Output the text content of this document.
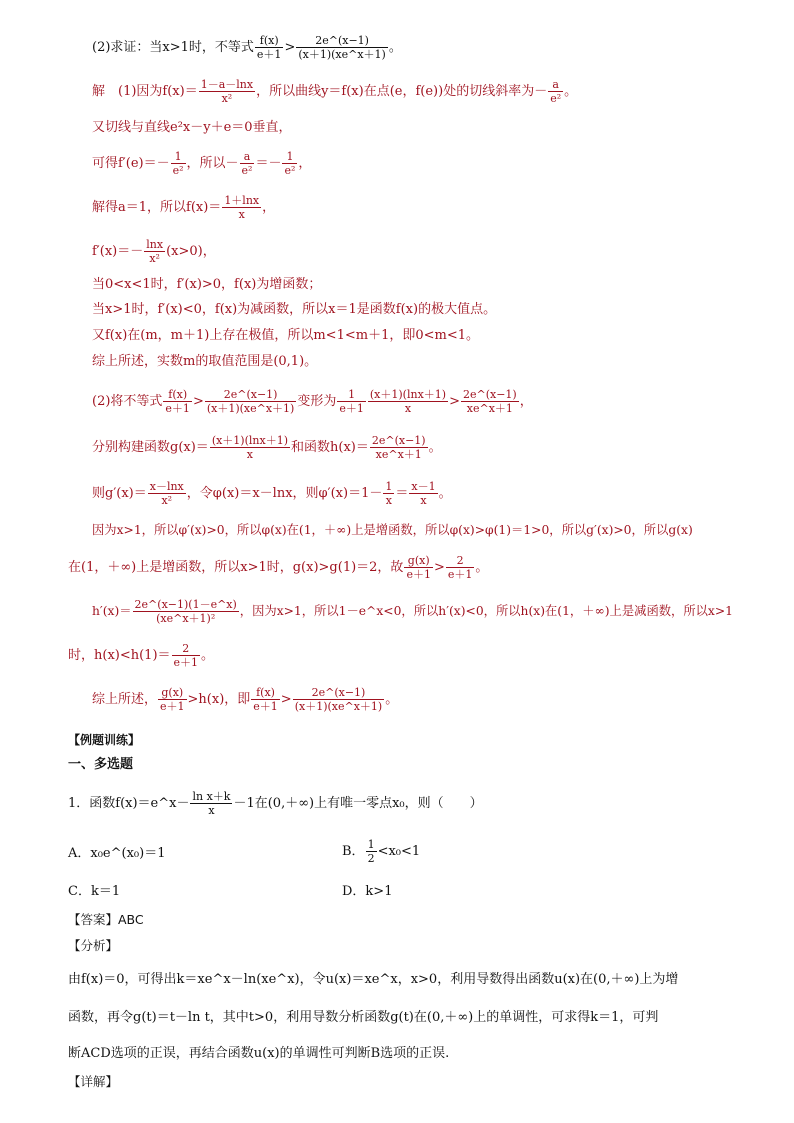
(2)求证：当x>1时，不等式 $\frac{f(x)}{e+1} > \frac{2e\^{}(x-1)}{(x+1)(xe\^{}x+1)}$ 。
解　(1)因为$f(x)= \frac{1-a-\ln x}{\text{x²}}$ ，所以曲线y＝f(x)在点(e，f(e))处的切线斜率为－ $\frac{a}{\text{e²}}$ 。
又切线与直线e²x－y＋e＝0垂直，
可得$f'(e)=- \frac{1}{\text{e²}}$ ，所以－ $\frac{a}{\text{e²}} =- \frac{1}{\text{e²}}$ ，
解得a＝1，所以$f(x)= \frac{1+\ln x}{x}$ ，
$f'(x)=- \frac{\ln x}{\text{x²}} (x>0)$，
当0<x<1时，f′(x)>0，f(x)为增函数；
当x>1时，f′(x)<0，f(x)为减函数，所以x＝1是函数f(x)的极大值点。
又f(x)在(m，m＋1)上存在极值，所以m<1<m＋1，即0<m<1。
综上所述，实数m的取值范围是(0,1)。
(2)将不等式 $\frac{f(x)}{e+1} > \frac{2e\^{}(x-1)}{(x+1)(xe\^{}x+1)}$ 变形为 $\frac{1}{e+1} \frac{(x+1)(\ln x+1)}{x} > \frac{2e\^{}(x-1)}{xe\^{}x+1}$ ，
分别构建函数$g(x)= \frac{(x+1)(\ln x+1)}{x}$ 和函数$h(x)= \frac{2e\^{}(x-1)}{xe\^{}x+1}$ 。
则$g'(x)= \frac{x-\ln x}{\text{x²}}$ ，令φ(x)＝x－lnx，则$\varphi'(x)=1- \frac{1}{x} = \frac{x-1}{x}$ 。
因为x>1，所以φ′(x)>0，所以φ(x)在(1，＋∞)上是增函数，所以φ(x)>φ(1)＝1>0，所以g′(x)>0，所以g(x)
在(1，＋∞)上是增函数，所以x>1时，g(x)>g(1)＝2，故 $\frac{g(x)}{e+1} > \frac{2}{e+1}$ 。
$h'(x)= \frac{2e\^{}(x-1)(1-e\^{}x)}{\text{(xe\textasciicircum{}x＋1)²}}$ ，因为x>1，所以1－e^x<0，所以h′(x)<0，所以h(x)在(1，＋∞)上是减函数，所以x>1
时，$h(x)<h(1)= \frac{2}{e+1}$ 。
综上所述， $\frac{g(x)}{e+1} >h(x)$，即 $\frac{f(x)}{e+1} > \frac{2e\^{}(x-1)}{(x+1)(xe\^{}x+1)}$ 。
【例题训练】
一、多选题
1．函数f(x)＝e^x－ $\frac{\text{ln x＋k}}{x} -1$在(0,＋∞)上有唯一零点x₀，则（　　）
A．x₀e^(x₀)＝1	B． $\frac{1}{2} <x_0<1$
C．k＝1	D．k>1
【答案】ABC
【分析】
由f(x)＝0，可得出k＝xe^x－ln(xe^x)，令u(x)＝xe^x，x>0，利用导数得出函数u(x)在(0,＋∞)上为增
函数，再令g(t)＝t－ln t，其中t>0，利用导数分析函数g(t)在(0,＋∞)上的单调性，可求得k＝1，可判
断ACD选项的正误，再结合函数u(x)的单调性可判断B选项的正误.
【详解】
